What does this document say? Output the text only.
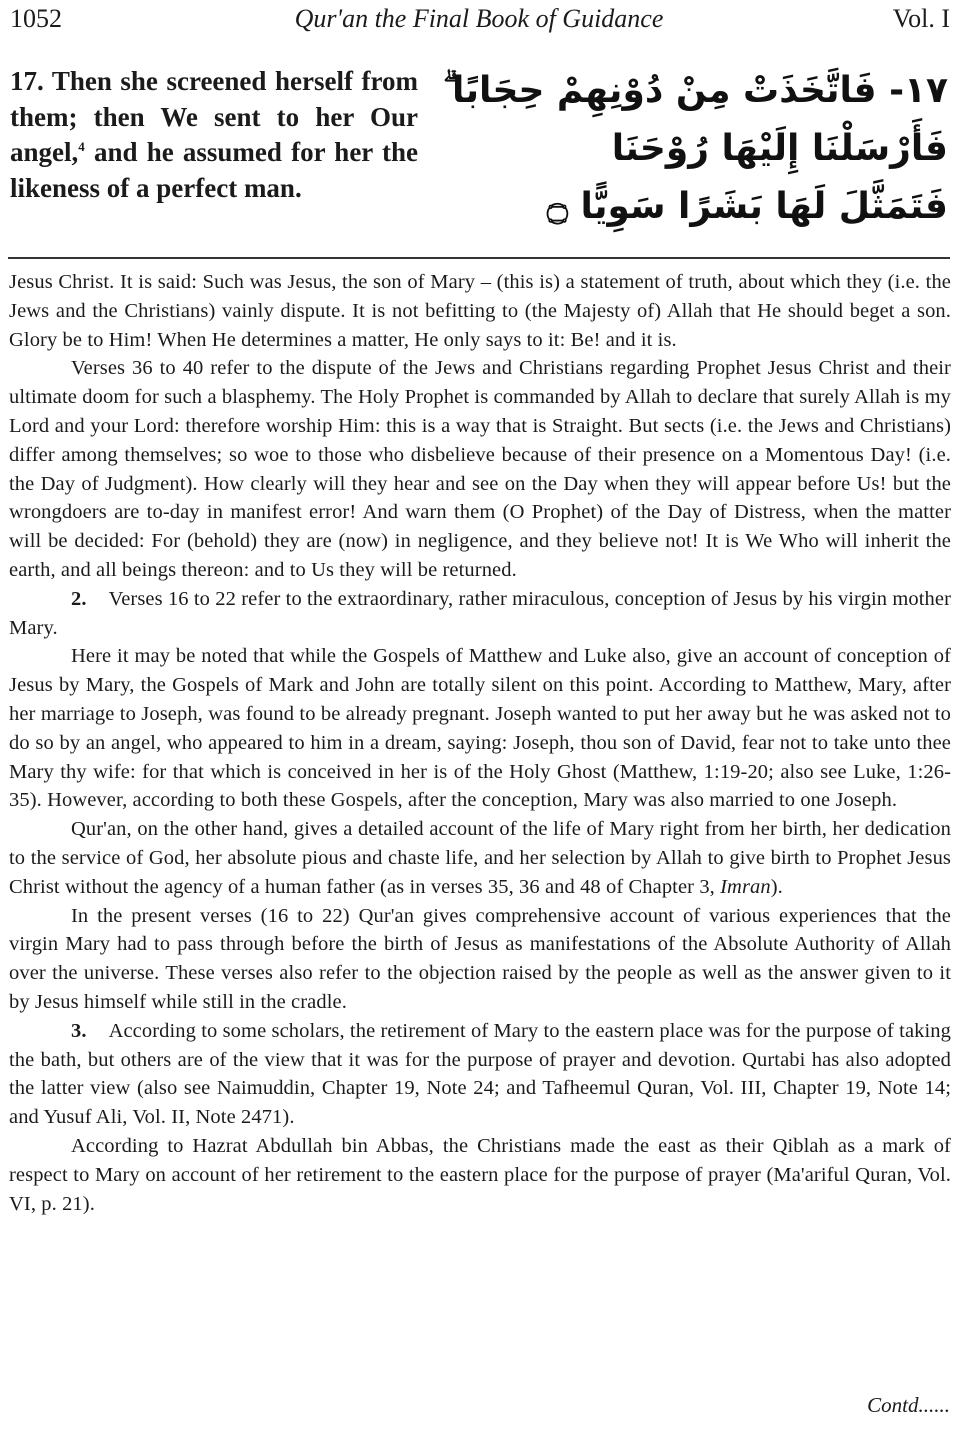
1052	Qur'an the Final Book of Guidance	Vol. I

17. Then she screened herself from them; then We sent to her Our angel,$^4$ and he assumed for her the likeness of a perfect man.

١٧- فَاتَّخَذَتْ مِنْ دُوْنِهِمْ حِجَابًا ۗ
فَأَرْسَلْنَا إِلَيْهَا رُوْحَنَا
فَتَمَثَّلَ لَهَا بَشَرًا سَوِيًّا ۝

Jesus Christ. It is said: Such was Jesus, the son of Mary – (this is) a statement of truth, about which they (i.e. the Jews and the Christians) vainly dispute. It is not befitting to (the Majesty of) Allah that He should beget a son. Glory be to Him! When He determines a matter, He only says to it: Be! and it is.

Verses 36 to 40 refer to the dispute of the Jews and Christians regarding Prophet Jesus Christ and their ultimate doom for such a blasphemy. The Holy Prophet is commanded by Allah to declare that surely Allah is my Lord and your Lord: therefore worship Him: this is a way that is Straight. But sects (i.e. the Jews and Christians) differ among themselves; so woe to those who disbelieve because of their presence on a Momentous Day! (i.e. the Day of Judgment). How clearly will they hear and see on the Day when they will appear before Us! but the wrongdoers are to-day in manifest error! And warn them (O Prophet) of the Day of Distress, when the matter will be decided: For (behold) they are (now) in negligence, and they believe not! It is We Who will inherit the earth, and all beings thereon: and to Us they will be returned.

2. Verses 16 to 22 refer to the extraordinary, rather miraculous, conception of Jesus by his virgin mother Mary.

Here it may be noted that while the Gospels of Matthew and Luke also, give an account of conception of Jesus by Mary, the Gospels of Mark and John are totally silent on this point. According to Matthew, Mary, after her marriage to Joseph, was found to be already pregnant. Joseph wanted to put her away but he was asked not to do so by an angel, who appeared to him in a dream, saying: Joseph, thou son of David, fear not to take unto thee Mary thy wife: for that which is conceived in her is of the Holy Ghost (Matthew, 1:19-20; also see Luke, 1:26-35). However, according to both these Gospels, after the conception, Mary was also married to one Joseph.

Qur'an, on the other hand, gives a detailed account of the life of Mary right from her birth, her dedication to the service of God, her absolute pious and chaste life, and her selection by Allah to give birth to Prophet Jesus Christ without the agency of a human father (as in verses 35, 36 and 48 of Chapter 3, Imran).

In the present verses (16 to 22) Qur'an gives comprehensive account of various experiences that the virgin Mary had to pass through before the birth of Jesus as manifestations of the Absolute Authority of Allah over the universe. These verses also refer to the objection raised by the people as well as the answer given to it by Jesus himself while still in the cradle.

3. According to some scholars, the retirement of Mary to the eastern place was for the purpose of taking the bath, but others are of the view that it was for the purpose of prayer and devotion. Qurtabi has also adopted the latter view (also see Naimuddin, Chapter 19, Note 24; and Tafheemul Quran, Vol. III, Chapter 19, Note 14; and Yusuf Ali, Vol. II, Note 2471).

According to Hazrat Abdullah bin Abbas, the Christians made the east as their Qiblah as a mark of respect to Mary on account of her retirement to the eastern place for the purpose of prayer (Ma'ariful Quran, Vol. VI, p. 21).

Contd......
